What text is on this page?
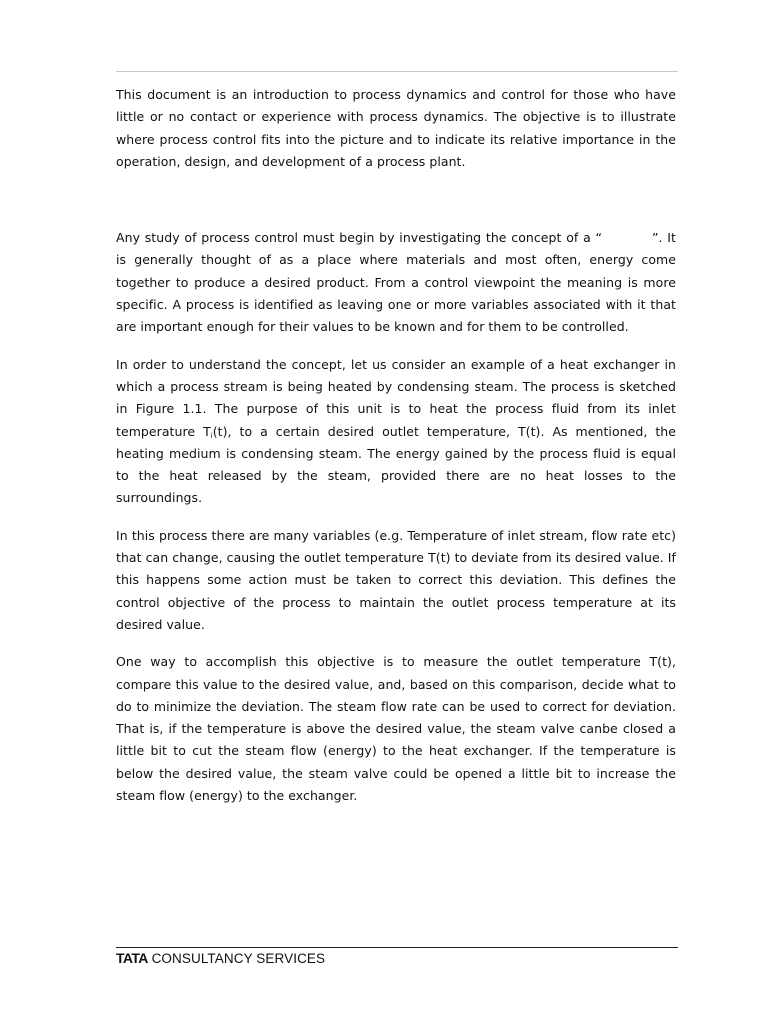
This document is an introduction to process dynamics and control for those who have little or no contact or experience with process dynamics. The objective is to illustrate where process control fits into the picture and to indicate its relative importance in the operation, design, and development of a process plant.

Any study of process control must begin by investigating the concept of a “	”. It is generally thought of as a place where materials and most often, energy come together to produce a desired product. From a control viewpoint the meaning is more specific. A process is identified as leaving one or more variables associated with it that are important enough for their values to be known and for them to be controlled.

In order to understand the concept, let us consider an example of a heat exchanger in which a process stream is being heated by condensing steam. The process is sketched in Figure 1.1. The purpose of this unit is to heat the process fluid from its inlet temperature $T_i(t)$, to a certain desired outlet temperature, T(t). As mentioned, the heating medium is condensing steam. The energy gained by the process fluid is equal to the heat released by the steam, provided there are no heat losses to the surroundings.

In this process there are many variables (e.g. Temperature of inlet stream, flow rate etc) that can change, causing the outlet temperature T(t) to deviate from its desired value. If this happens some action must be taken to correct this deviation. This defines the control objective of the process to maintain the outlet process temperature at its desired value.

One way to accomplish this objective is to measure the outlet temperature T(t), compare this value to the desired value, and, based on this comparison, decide what to do to minimize the deviation. The steam flow rate can be used to correct for deviation. That is, if the temperature is above the desired value, the steam valve canbe closed a little bit to cut the steam flow (energy) to the heat exchanger. If the temperature is below the desired value, the steam valve could be opened a little bit to increase the steam flow (energy) to the exchanger.

TATA CONSULTANCY SERVICES
